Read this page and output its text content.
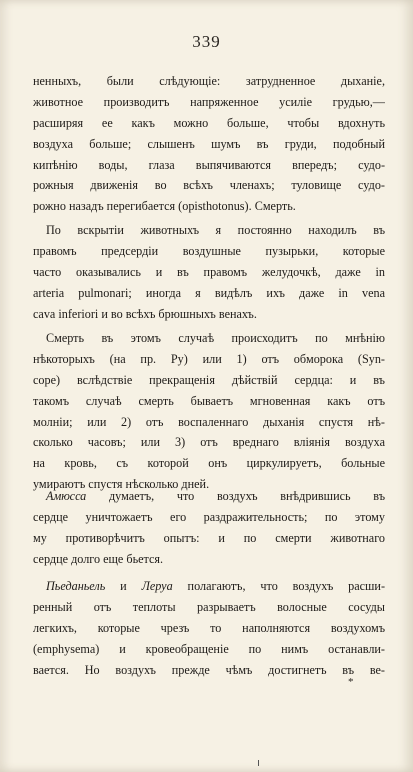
339

ненныхъ, были слѣдующіе: затрудненное дыханіе,
животное производитъ напряженное усиліе грудью,—
расширяя ее какъ можно больше, чтобы вдохнуть
воздуха больше; слышенъ шумъ въ груди, подобный
кипѣнію воды, глаза выпячиваются впередъ; судо-
рожныя движенія во всѣхъ членахъ; туловище судо-
рожно назадъ перегибается (opisthotonus). Смерть.

По вскрытіи животныхъ я постоянно находилъ въ
правомъ предсердіи воздушные пузырьки, которые
часто оказывались и въ правомъ желудочкѣ, даже in
arteria pulmonari; иногда я видѣлъ ихъ даже in vena
cava inferiori и во всѣхъ брюшныхъ венахъ.

Смерть въ этомъ случаѣ происходитъ по мнѣнію
нѣкоторыхъ (на пр. Ру) или 1) отъ обморока (Syn-
cope) вслѣдствіе прекращенія дѣйствій сердца: и въ
такомъ случаѣ смерть бываетъ мгновенная какъ отъ
молніи; или 2) отъ воспаленнаго дыханія спустя нѣ-
сколько часовъ; или 3) отъ вреднаго вліянія воздуха
на кровь, съ которой онъ циркулируетъ, больные
умираютъ спустя нѣсколько дней.

Амюсса думаетъ, что воздухъ внѣдрившись въ
сердце уничтожаетъ его раздражительность; по этому
му противорѣчитъ опытъ: и по смерти животнаго
сердце долго еще бьется.

Пьеданьель и Леруа полагаютъ, что воздухъ расши-
ренный отъ теплоты разрываетъ волосные сосуды
легкихъ, которые чрезъ то наполняются воздухомъ
(emphysema) и кровеобращеніе по нимъ останавли-
вается. Но воздухъ прежде чѣмъ достигнетъ въ ве-

*
